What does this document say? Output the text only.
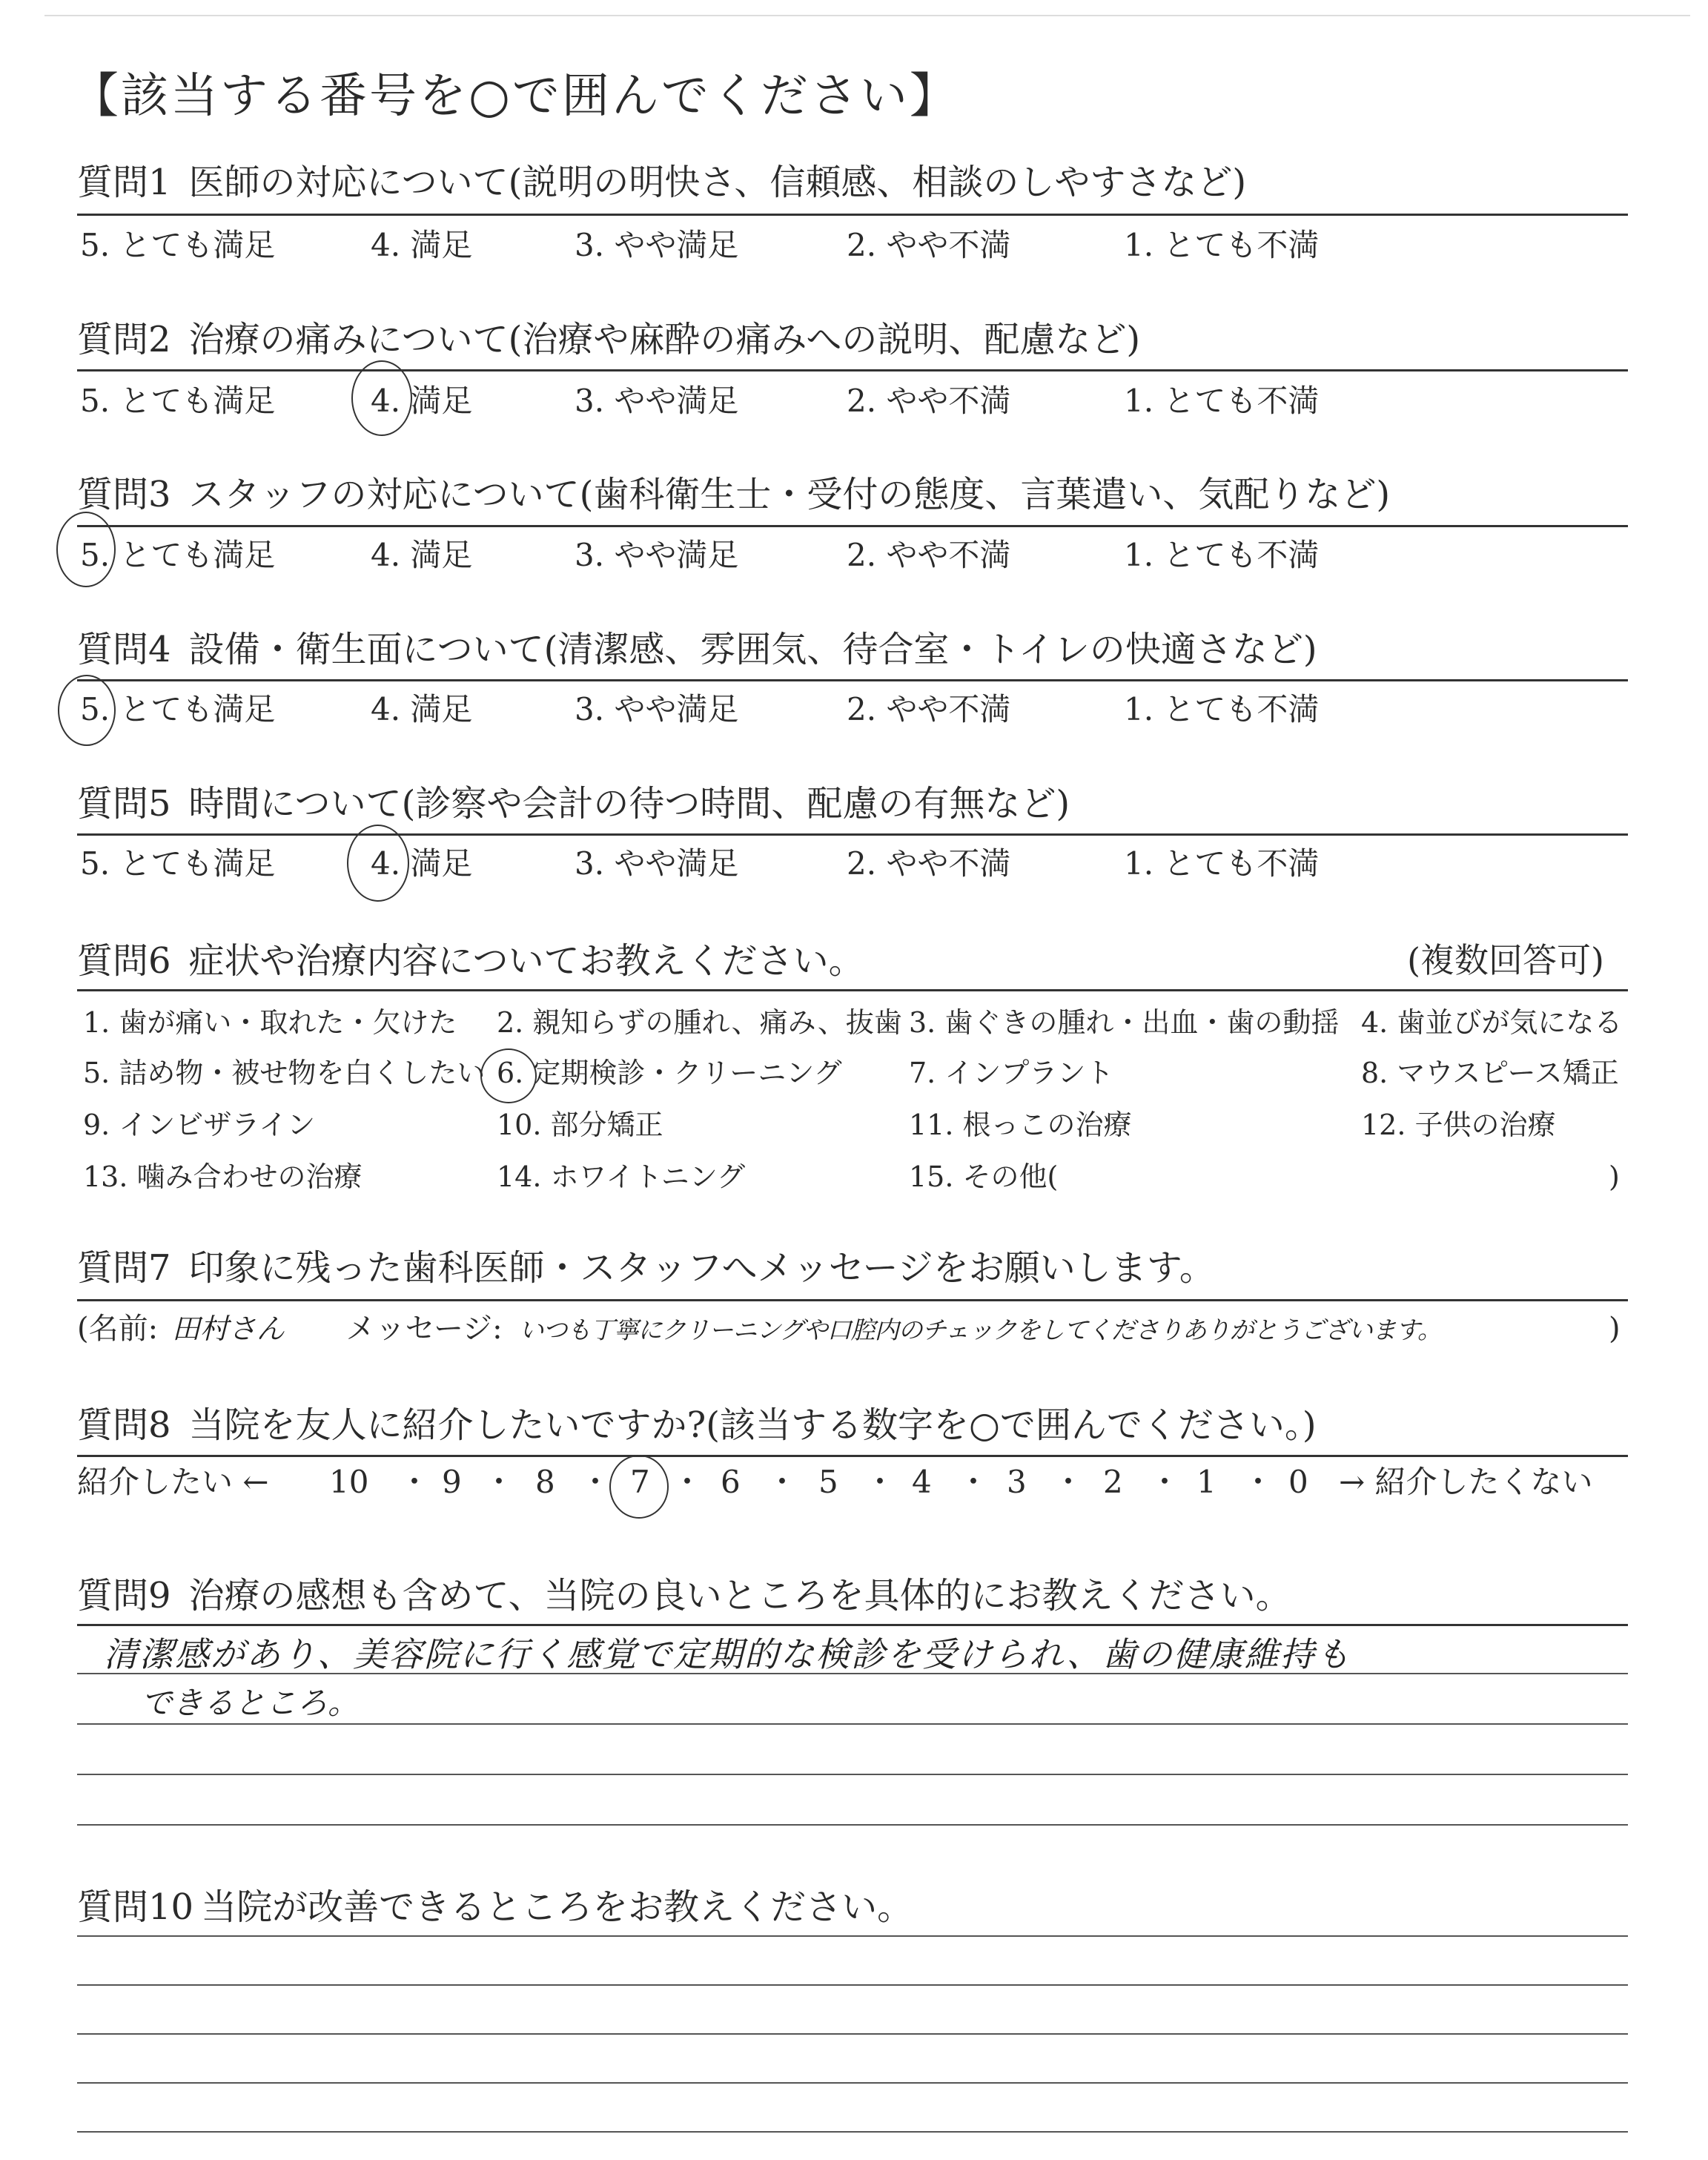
【該当する番号を○で囲んでください】
質問1 医師の対応について(説明の明快さ、信頼感、相談のしやすさなど)
5. とても満足	4. 満足	3. やや満足	2. やや不満	1. とても不満
質問2 治療の痛みについて(治療や麻酔の痛みへの説明、配慮など)
5. とても満足	4. 満足	3. やや満足	2. やや不満	1. とても不満
質問3 スタッフの対応について(歯科衛生士・受付の態度、言葉遣い、気配りなど)
5. とても満足	4. 満足	3. やや満足	2. やや不満	1. とても不満
質問4 設備・衛生面について(清潔感、雰囲気、待合室・トイレの快適さなど)
5. とても満足	4. 満足	3. やや満足	2. やや不満	1. とても不満
質問5 時間について(診察や会計の待つ時間、配慮の有無など)
5. とても満足	4. 満足	3. やや満足	2. やや不満	1. とても不満
質問6 症状や治療内容についてお教えください。	(複数回答可)
1. 歯が痛い・取れた・欠けた 2. 親知らずの腫れ、痛み、抜歯 3. 歯ぐきの腫れ・出血・歯の動揺 4. 歯並びが気になる
5. 詰め物・被せ物を白くしたい 6. 定期検診・クリーニング 7. インプラント	8. マウスピース矯正
9. インビザライン	10. 部分矯正	11. 根っこの治療	12. 子供の治療
13. 噛み合わせの治療	14. ホワイトニング	15. その他(	)
質問7 印象に残った歯科医師・スタッフへメッセージをお願いします。
(名前: 田村さん メッセージ: いつも丁寧にクリーニングや口腔内のチェックをしてくださりありがとうございます。	)
質問8 当院を友人に紹介したいですか?(該当する数字を○で囲んでください。)
紹介したい ← 10 ・ 9 ・ 8 ・ 7 ・ 6 ・ 5 ・ 4 ・ 3 ・ 2 ・ 1 ・ 0 → 紹介したくない
質問9 治療の感想も含めて、当院の良いところを具体的にお教えください。
清潔感があり、美容院に行く感覚で定期的な検診を受けられ、歯の健康維持も
できるところ。
質問10 当院が改善できるところをお教えください。
